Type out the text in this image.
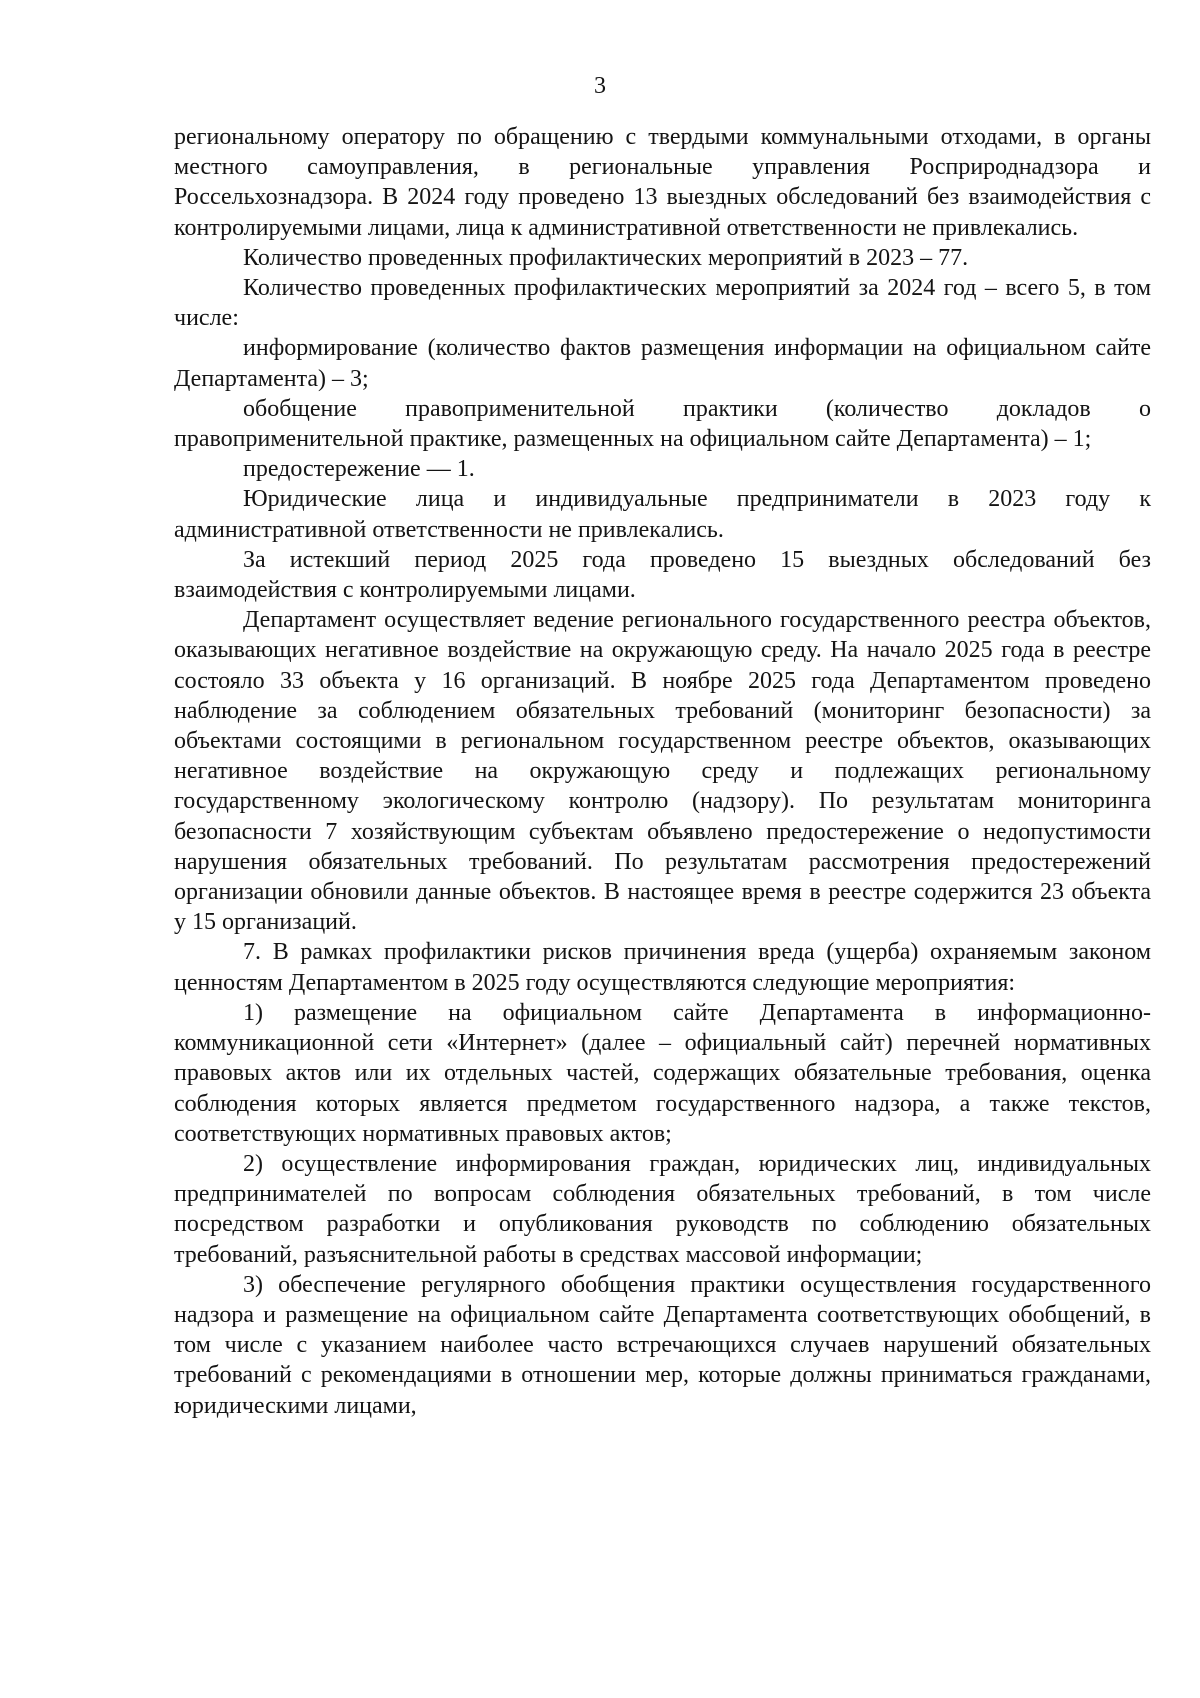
3

региональному оператору по обращению с твердыми коммунальными отходами, в органы местного самоуправления, в региональные управления Росприроднадзора и Россельхознадзора. В 2024 году проведено 13 выездных обследований без взаимодействия с контролируемыми лицами, лица к административной ответственности не привлекались.

Количество проведенных профилактических мероприятий в 2023 – 77.

Количество проведенных профилактических мероприятий за 2024 год – всего 5, в том числе:

информирование (количество фактов размещения информации на официальном сайте Департамента) – 3;

обобщение правоприменительной практики (количество докладов о правоприменительной практике, размещенных на официальном сайте Департамента) – 1;

предостережение — 1.

Юридические лица и индивидуальные предприниматели в 2023 году к административной ответственности не привлекались.

За истекший период 2025 года проведено 15 выездных обследований без взаимодействия с контролируемыми лицами.

Департамент осуществляет ведение регионального государственного реестра объектов, оказывающих негативное воздействие на окружающую среду. На начало 2025 года в реестре состояло 33 объекта у 16 организаций. В ноябре 2025 года Департаментом проведено наблюдение за соблюдением обязательных требований (мониторинг безопасности) за объектами состоящими в региональном государственном реестре объектов, оказывающих негативное воздействие на окружающую среду и подлежащих региональному государственному экологическому контролю (надзору). По результатам мониторинга безопасности 7 хозяйствующим субъектам объявлено предостережение о недопустимости нарушения обязательных требований. По результатам рассмотрения предостережений организации обновили данные объектов. В настоящее время в реестре содержится 23 объекта у 15 организаций.

7. В рамках профилактики рисков причинения вреда (ущерба) охраняемым законом ценностям Департаментом в 2025 году осуществляются следующие мероприятия:

1) размещение на официальном сайте Департамента в информационно-коммуникационной сети «Интернет» (далее – официальный сайт) перечней нормативных правовых актов или их отдельных частей, содержащих обязательные требования, оценка соблюдения которых является предметом государственного надзора, а также текстов, соответствующих нормативных правовых актов;

2) осуществление информирования граждан, юридических лиц, индивидуальных предпринимателей по вопросам соблюдения обязательных требований, в том числе посредством разработки и опубликования руководств по соблюдению обязательных требований, разъяснительной работы в средствах массовой информации;

3) обеспечение регулярного обобщения практики осуществления государственного надзора и размещение на официальном сайте Департамента соответствующих обобщений, в том числе с указанием наиболее часто встречающихся случаев нарушений обязательных требований с рекомендациями в отношении мер, которые должны приниматься гражданами, юридическими лицами,
